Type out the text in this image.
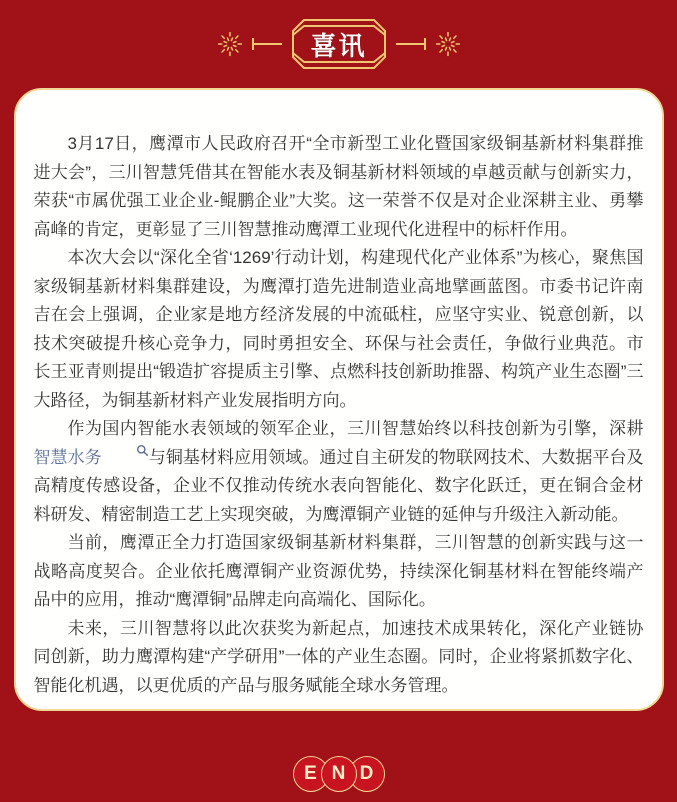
喜讯

3月17日，鹰潭市人民政府召开“全市新型工业化暨国家级铜基新材料集群推进大会”，三川智慧凭借其在智能水表及铜基新材料领域的卓越贡献与创新实力，荣获“市属优强工业企业-鲲鹏企业”大奖。这一荣誉不仅是对企业深耕主业、勇攀高峰的肯定，更彰显了三川智慧推动鹰潭工业现代化进程中的标杆作用。

本次大会以“深化全省‘1269’行动计划，构建现代化产业体系”为核心，聚焦国家级铜基新材料集群建设，为鹰潭打造先进制造业高地擘画蓝图。市委书记许南吉在会上强调，企业家是地方经济发展的中流砥柱，应坚守实业、锐意创新，以技术突破提升核心竞争力，同时勇担安全、环保与社会责任，争做行业典范。市长王亚青则提出“锻造扩容提质主引擎、点燃科技创新助推器、构筑产业生态圈”三大路径，为铜基新材料产业发展指明方向。

作为国内智能水表领域的领军企业，三川智慧始终以科技创新为引擎，深耕智慧水务	与铜基材料应用领域。通过自主研发的物联网技术、大数据平台及高精度传感设备，企业不仅推动传统水表向智能化、数字化跃迁，更在铜合金材料研发、精密制造工艺上实现突破，为鹰潭铜产业链的延伸与升级注入新动能。

当前，鹰潭正全力打造国家级铜基新材料集群，三川智慧的创新实践与这一战略高度契合。企业依托鹰潭铜产业资源优势，持续深化铜基材料在智能终端产品中的应用，推动“鹰潭铜”品牌走向高端化、国际化。

未来，三川智慧将以此次获奖为新起点，加速技术成果转化，深化产业链协同创新，助力鹰潭构建“产学研用”一体的产业生态圈。同时，企业将紧抓数字化、智能化机遇，以更优质的产品与服务赋能全球水务管理。

E N D
